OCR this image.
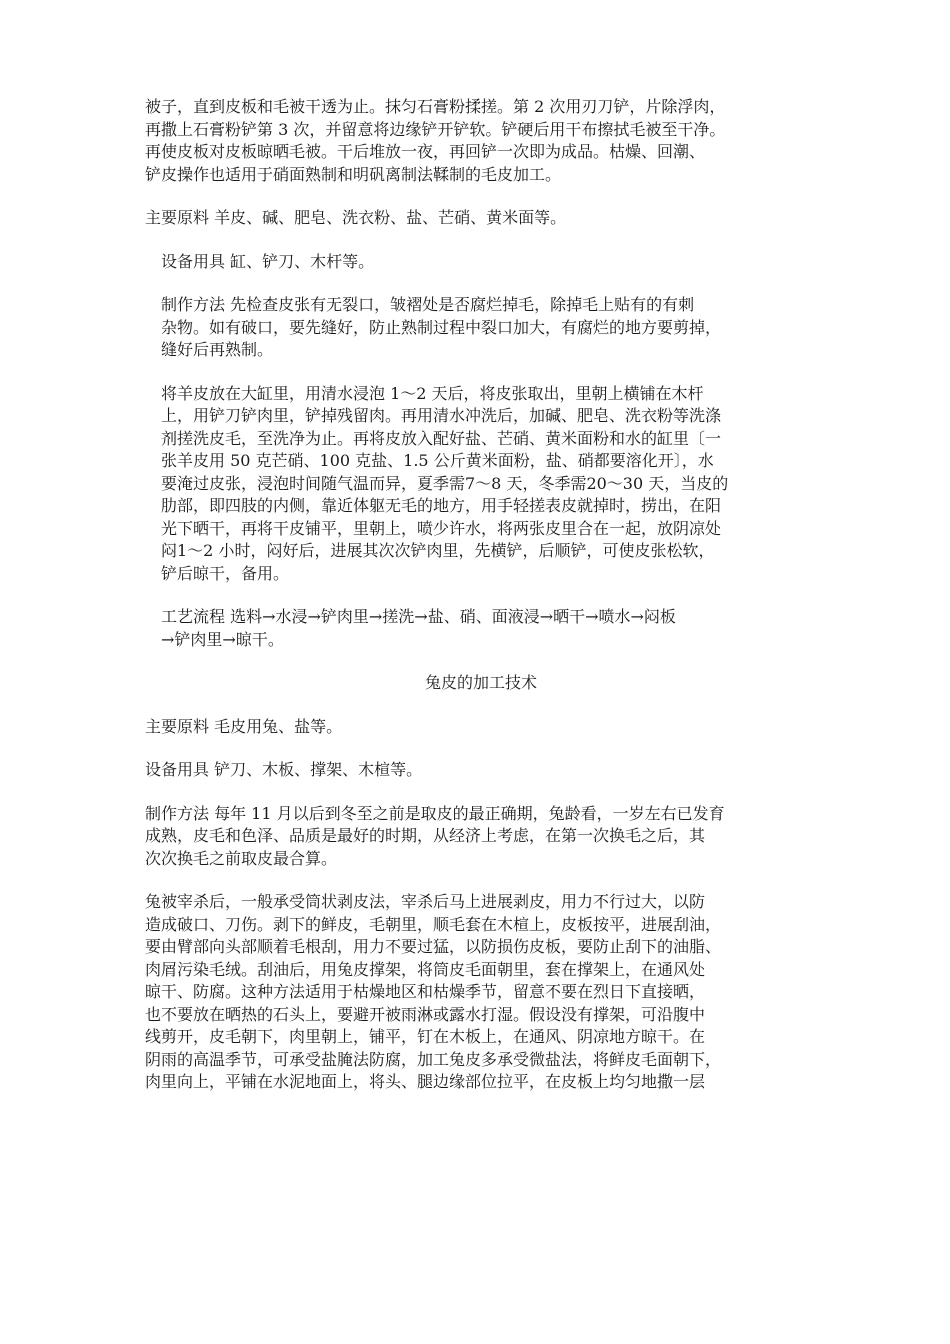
被子，直到皮板和毛被干透为止。抹匀石膏粉揉搓。第 2 次用刃刀铲，片除浮肉，
再撒上石膏粉铲第 3 次，并留意将边缘铲开铲软。铲硬后用干布擦拭毛被至干净。
再使皮板对皮板晾晒毛被。干后堆放一夜，再回铲一次即为成品。枯燥、回潮、
铲皮操作也适用于硝面熟制和明矾离制法鞣制的毛皮加工。

主要原料 羊皮、碱、肥皂、洗衣粉、盐、芒硝、黄米面等。

设备用具 缸、铲刀、木杆等。

制作方法 先检查皮张有无裂口，皱褶处是否腐烂掉毛，除掉毛上贴有的有刺
杂物。如有破口，要先缝好，防止熟制过程中裂口加大，有腐烂的地方要剪掉，
缝好后再熟制。

将羊皮放在大缸里，用清水浸泡 1～2 天后，将皮张取出，里朝上横铺在木杆
上，用铲刀铲肉里，铲掉残留肉。再用清水冲洗后，加碱、肥皂、洗衣粉等洗涤
剂搓洗皮毛，至洗净为止。再将皮放入配好盐、芒硝、黄米面粉和水的缸里〔一
张羊皮用 50 克芒硝、100 克盐、1.5 公斤黄米面粉，盐、硝都要溶化开〕，水
要淹过皮张，浸泡时间随气温而异，夏季需7～8 天，冬季需20～30 天，当皮的
肋部，即四肢的内侧，靠近体躯无毛的地方，用手轻搓表皮就掉时，捞出，在阳
光下晒干，再将干皮铺平，里朝上，喷少许水，将两张皮里合在一起，放阴凉处
闷1～2 小时，闷好后，进展其次次铲肉里，先横铲，后顺铲，可使皮张松软，
铲后晾干，备用。

工艺流程 选料→水浸→铲肉里→搓洗→盐、硝、面液浸→晒干→喷水→闷板
→铲肉里→晾干。

兔皮的加工技术

主要原料 毛皮用兔、盐等。

设备用具 铲刀、木板、撑架、木楦等。

制作方法 每年 11 月以后到冬至之前是取皮的最正确期，兔龄看，一岁左右已发育
成熟，皮毛和色泽、品质是最好的时期，从经济上考虑，在第一次换毛之后，其
次次换毛之前取皮最合算。

兔被宰杀后，一般承受筒状剥皮法，宰杀后马上进展剥皮，用力不行过大，以防
造成破口、刀伤。剥下的鲜皮，毛朝里，顺毛套在木楦上，皮板按平，进展刮油，
要由臂部向头部顺着毛根刮，用力不要过猛，以防损伤皮板，要防止刮下的油脂、
肉屑污染毛绒。刮油后，用兔皮撑架，将筒皮毛面朝里，套在撑架上，在通风处
晾干、防腐。这种方法适用于枯燥地区和枯燥季节，留意不要在烈日下直接晒，
也不要放在晒热的石头上，要避开被雨淋或露水打湿。假设没有撑架，可沿腹中
线剪开，皮毛朝下，肉里朝上，铺平，钉在木板上，在通风、阴凉地方晾干。在
阴雨的高温季节，可承受盐腌法防腐，加工兔皮多承受微盐法，将鲜皮毛面朝下，
肉里向上，平铺在水泥地面上，将头、腿边缘部位拉平，在皮板上均匀地撒一层
